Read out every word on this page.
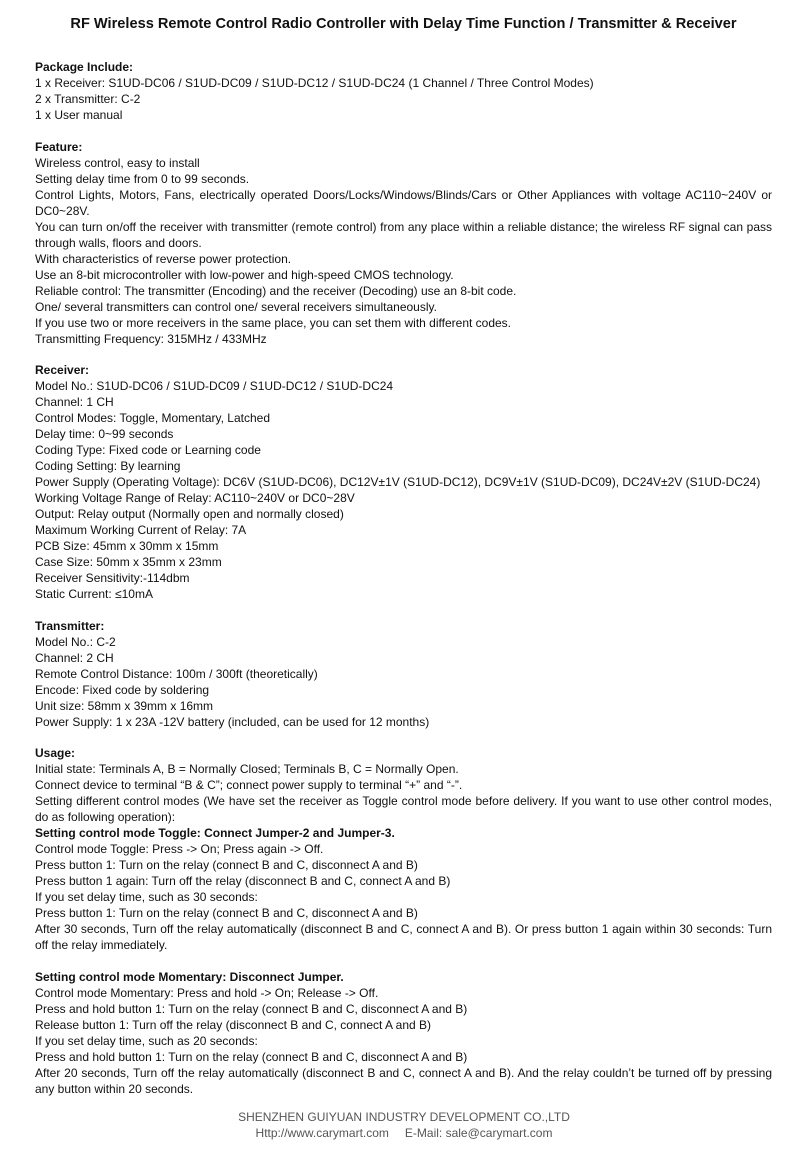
RF Wireless Remote Control Radio Controller with Delay Time Function / Transmitter & Receiver
Package Include:
1 x Receiver: S1UD-DC06 / S1UD-DC09 / S1UD-DC12 / S1UD-DC24 (1 Channel / Three Control Modes)
2 x Transmitter: C-2
1 x User manual
Feature:
Wireless control, easy to install
Setting delay time from 0 to 99 seconds.
Control Lights, Motors, Fans, electrically operated Doors/Locks/Windows/Blinds/Cars or Other Appliances with voltage AC110~240V or DC0~28V.
You can turn on/off the receiver with transmitter (remote control) from any place within a reliable distance; the wireless RF signal can pass through walls, floors and doors.
With characteristics of reverse power protection.
Use an 8-bit microcontroller with low-power and high-speed CMOS technology.
Reliable control: The transmitter (Encoding) and the receiver (Decoding) use an 8-bit code.
One/ several transmitters can control one/ several receivers simultaneously.
If you use two or more receivers in the same place, you can set them with different codes.
Transmitting Frequency: 315MHz / 433MHz
Receiver:
Model No.: S1UD-DC06 / S1UD-DC09 / S1UD-DC12 / S1UD-DC24
Channel: 1 CH
Control Modes: Toggle, Momentary, Latched
Delay time: 0~99 seconds
Coding Type: Fixed code or Learning code
Coding Setting: By learning
Power Supply (Operating Voltage): DC6V (S1UD-DC06), DC12V±1V (S1UD-DC12), DC9V±1V (S1UD-DC09), DC24V±2V (S1UD-DC24)
Working Voltage Range of Relay: AC110~240V or DC0~28V
Output: Relay output (Normally open and normally closed)
Maximum Working Current of Relay: 7A
PCB Size: 45mm x 30mm x 15mm
Case Size: 50mm x 35mm x 23mm
Receiver Sensitivity:-114dbm
Static Current: ≤10mA
Transmitter:
Model No.: C-2
Channel: 2 CH
Remote Control Distance: 100m / 300ft (theoretically)
Encode: Fixed code by soldering
Unit size: 58mm x 39mm x 16mm
Power Supply: 1 x 23A -12V battery (included, can be used for 12 months)
Usage:
Initial state: Terminals A, B = Normally Closed; Terminals B, C = Normally Open.
Connect device to terminal “B & C”; connect power supply to terminal “+” and “-”.
Setting different control modes (We have set the receiver as Toggle control mode before delivery. If you want to use other control modes, do as following operation):
Setting control mode Toggle: Connect Jumper-2 and Jumper-3.
Control mode Toggle: Press -> On; Press again -> Off.
Press button 1: Turn on the relay (connect B and C, disconnect A and B)
Press button 1 again: Turn off the relay (disconnect B and C, connect A and B)
If you set delay time, such as 30 seconds:
Press button 1: Turn on the relay (connect B and C, disconnect A and B)
After 30 seconds, Turn off the relay automatically (disconnect B and C, connect A and B). Or press button 1 again within 30 seconds: Turn off the relay immediately.
Setting control mode Momentary: Disconnect Jumper.
Control mode Momentary: Press and hold -> On; Release -> Off.
Press and hold button 1: Turn on the relay (connect B and C, disconnect A and B)
Release button 1: Turn off the relay (disconnect B and C, connect A and B)
If you set delay time, such as 20 seconds:
Press and hold button 1: Turn on the relay (connect B and C, disconnect A and B)
After 20 seconds, Turn off the relay automatically (disconnect B and C, connect A and B). And the relay couldn’t be turned off by pressing any button within 20 seconds.
SHENZHEN GUIYUAN INDUSTRY DEVELOPMENT CO.,LTD
Http://www.carymart.com E-Mail: sale@carymart.com
